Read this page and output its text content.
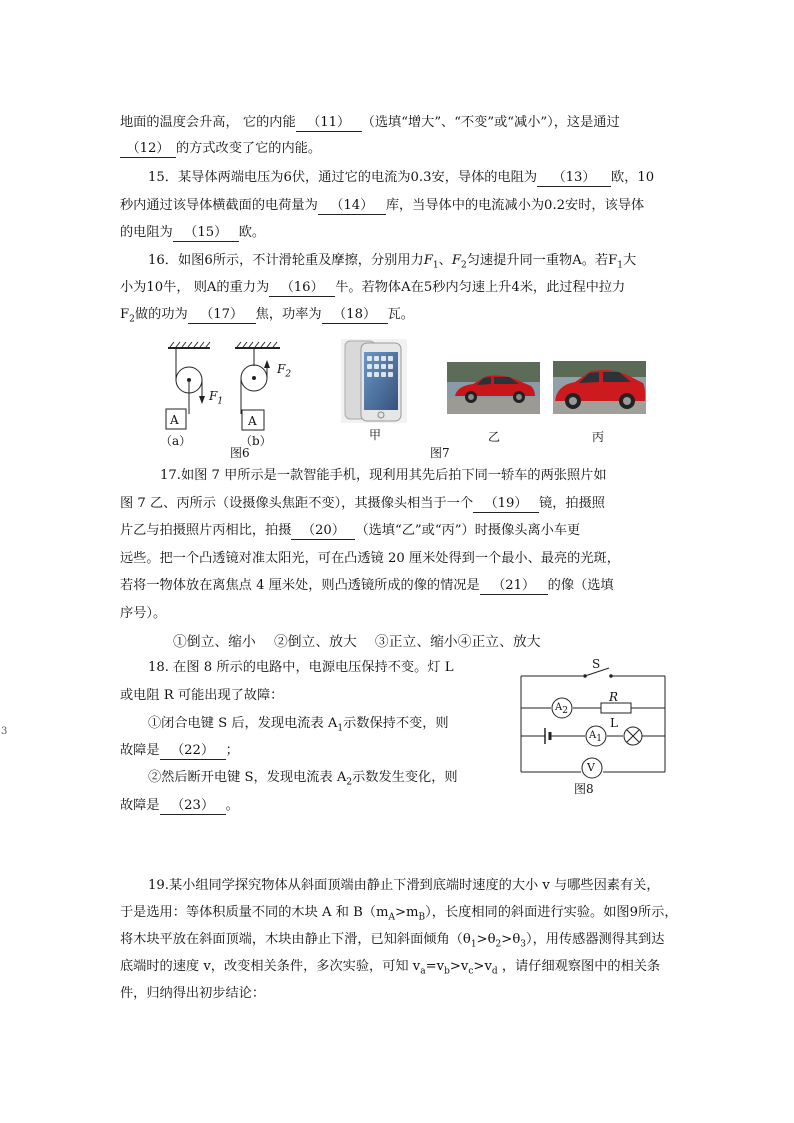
地面的温度会升高， 它的内能 （11） （选填“增大”、“不变”或“减小”），这是通过
（12） 的方式改变了它的内能。
15．某导体两端电压为6伏，通过它的电流为0.3安，导体的电阻为 （13） 欧，10
秒内通过该导体横截面的电荷量为 （14） 库，当导体中的电流减小为0.2安时，该导体
的电阻为 （15） 欧。
16．如图6所示，不计滑轮重及摩擦，分别用力$F_1$、$F_2$匀速提升同一重物A。若$F_1$大
小为10牛， 则A的重力为 （16） 牛。若物体A在5秒内匀速上升4米，此过程中拉力
$F_2$做的功为 （17） 焦，功率为 （18） 瓦。
A	A
$F_1$
$F_2$
（a）	（b）
图6
甲	乙	丙
图7
17.如图 7 甲所示是一款智能手机，现利用其先后拍下同一轿车的两张照片如
图 7 乙、丙所示（设摄像头焦距不变），其摄像头相当于一个 （19） 镜，拍摄照
片乙与拍摄照片丙相比，拍摄 （20） （选填“乙”或“丙”）时摄像头离小车更
远些。把一个凸透镜对准太阳光，可在凸透镜 20 厘米处得到一个最小、最亮的光斑，
若将一物体放在离焦点 4 厘米处，则凸透镜所成的像的情况是 （21） 的像（选填
序号）。
①倒立、缩小　 ②倒立、放大　 ③正立、缩小④正立、放大
18. 在图 8 所示的电路中，电源电压保持不变。灯 L
或电阻 R 可能出现了故障：
①闭合电键 S 后，发现电流表 $A_1$示数保持不变，则
故障是 （22） ；
②然后断开电键 S，发现电流表 $A_2$示数发生变化，则
故障是 （23） 。
S
R
L
$A_2$
$A_1$
V
图8
3
19.某小组同学探究物体从斜面顶端由静止下滑到底端时速度的大小 v 与哪些因素有关，
于是选用：等体积质量不同的木块 A 和 $B(m_A>m_B)$，长度相同的斜面进行实验。如图9所示，
将木块平放在斜面顶端，木块由静止下滑，已知斜面倾角$(\theta_1>\theta_2>\theta_3)$，用传感器测得其到达
底端时的速度 v，改变相关条件，多次实验，可知 $v_a=v_b>v_c>v_d$ ，请仔细观察图中的相关条
件，归纳得出初步结论：
